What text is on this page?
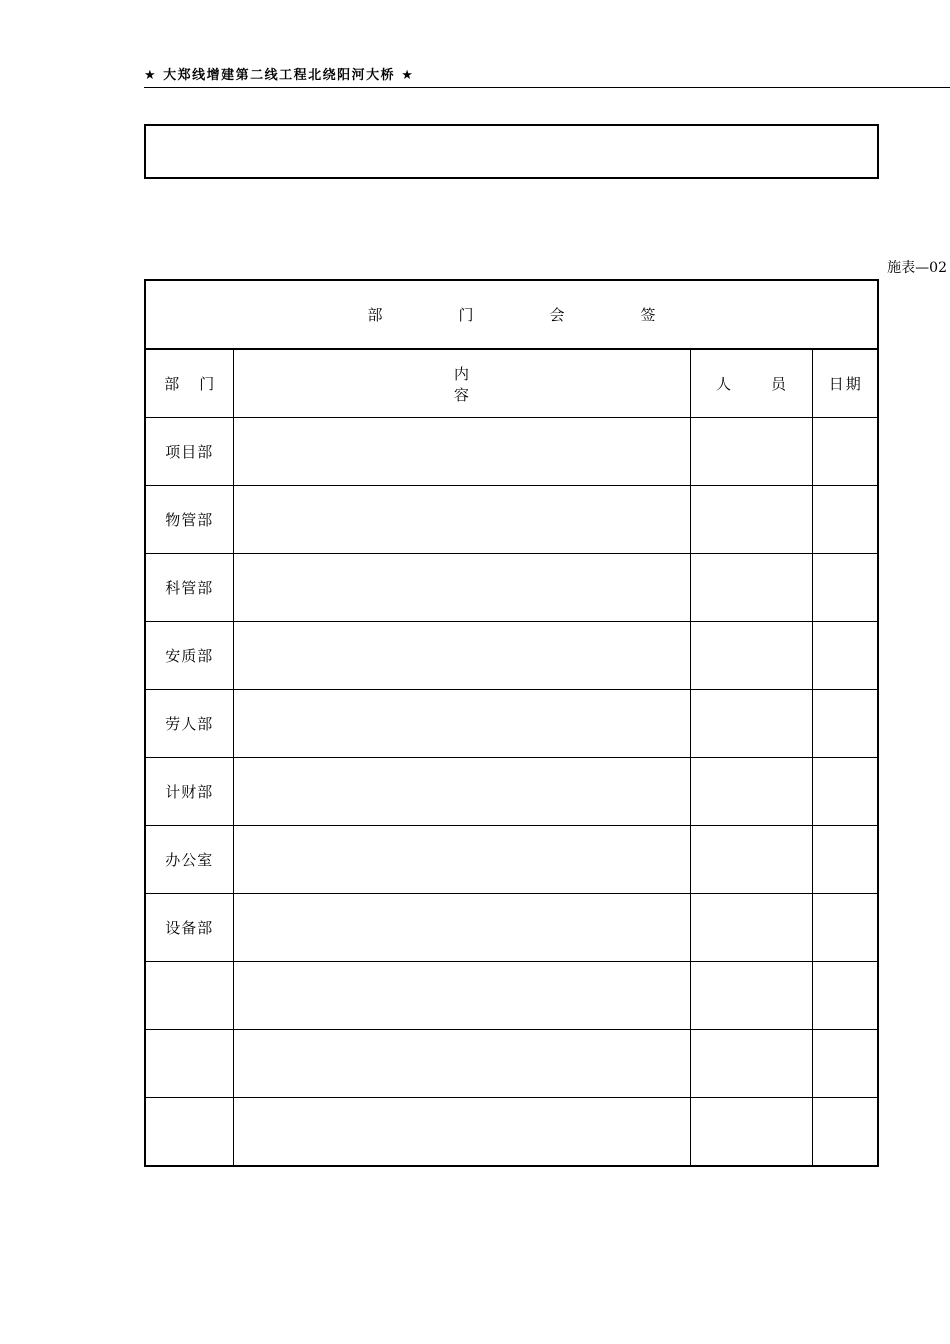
★ 大郑线增建第二线工程北绕阳河大桥 ★
施表—02
部 门 会 签			
部 门	内容	人 员	日 期
项目部			
物管部			
科管部			
安质部			
劳人部			
计财部			
办公室			
设备部			
